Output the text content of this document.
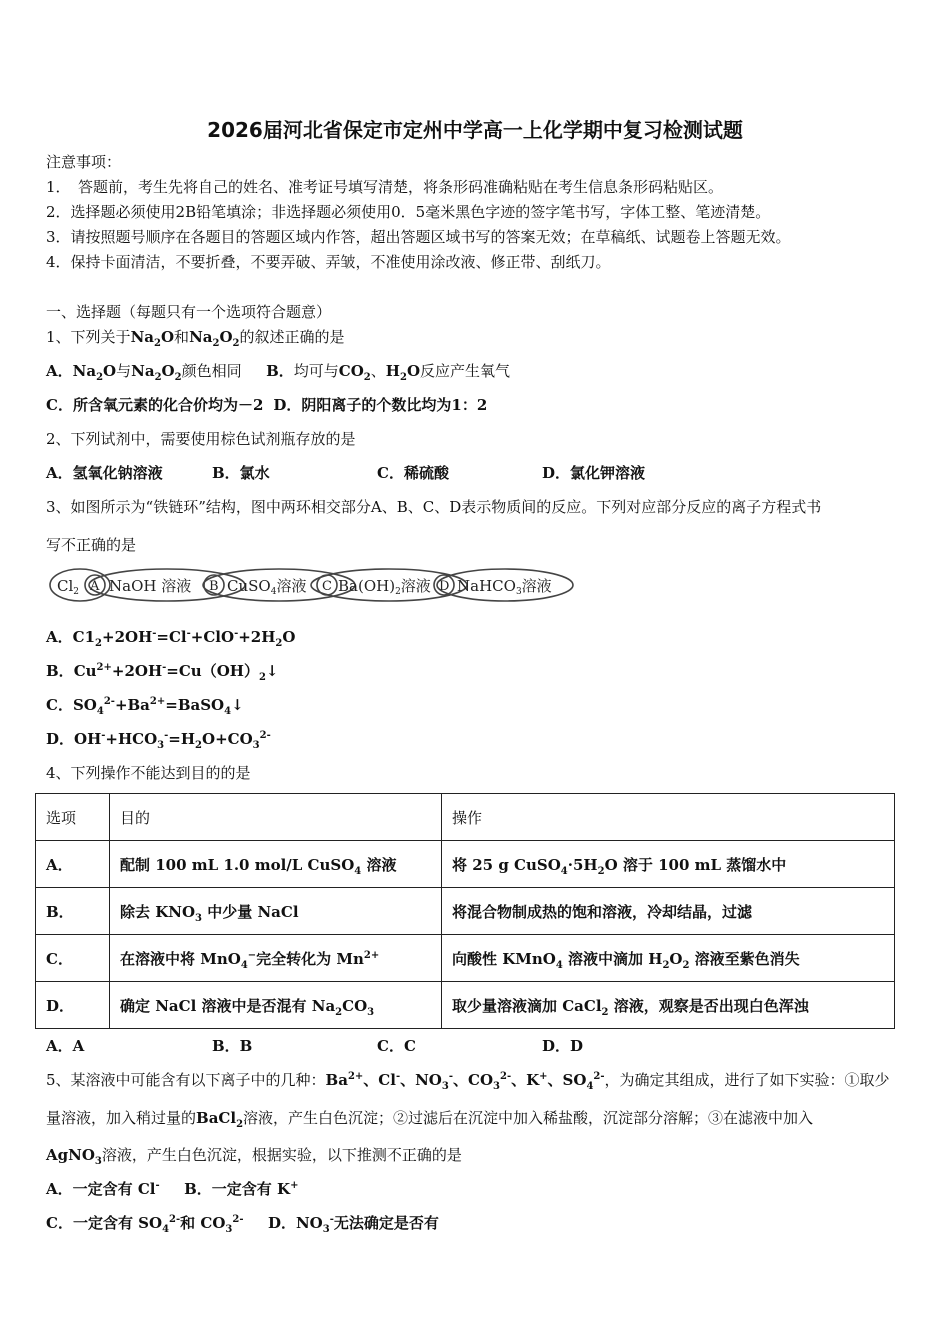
2026届河北省保定市定州中学高一上化学期中复习检测试题
注意事项：
1．　答题前，考生先将自己的姓名、准考证号填写清楚，将条形码准确粘贴在考生信息条形码粘贴区。
2．选择题必须使用2B铅笔填涂；非选择题必须使用0．5毫米黑色字迹的签字笔书写，字体工整、笔迹清楚。
3．请按照题号顺序在各题目的答题区域内作答，超出答题区域书写的答案无效；在草稿纸、试题卷上答题无效。
4．保持卡面清洁，不要折叠，不要弄破、弄皱，不准使用涂改液、修正带、刮纸刀。
一、选择题（每题只有一个选项符合题意）
1、下列关于$Na_2O$和$Na_2O_2$的叙述正确的是
A．$Na_2O$与$Na_2O_2$颜色相同 B．均可与$CO_2$、$H_2O$反应产生氧气
C．所含氧元素的化合价均为－2 D．阴阳离子的个数比均为1：2
2、下列试剂中，需要使用棕色试剂瓶存放的是
A．氢氧化钠溶液	B．氯水	C．稀硫酸	D．氯化钾溶液
3、如图所示为“铁链环”结构，图中两环相交部分A、B、C、D表示物质间的反应。下列对应部分反应的离子方程式书
写不正确的是
$Cl_2$ A NaOH 溶液 B CuSO$_4$溶液 C $Ba(OH)_2$溶液 D NaHCO$_3$溶液
A．$C1_2+2OH^-=Cl^-+ClO^-+2H_2O$
B．$Cu^{2+}+2OH^-=Cu(OH)_2↓$
C．$SO_4^{2-}+Ba^{2+}=BaSO_4↓$
D．$OH^-+HCO_3^-=H_2O+CO_3^{2-}$
4、下列操作不能达到目的的是
选项	目的	操作
A．	配制 100 mL 1.0 mol/L CuSO$_4$ 溶液	将 25 g $CuSO_4\cdot 5H_2O$ 溶于 100 mL 蒸馏水中
B．	除去 $KNO_3$ 中少量 NaCl	将混合物制成热的饱和溶液，冷却结晶，过滤
C．	在溶液中将 MnO$_4$−完全转化为 $Mn^{2+}$	向酸性 KMnO$_4$ 溶液中滴加 $H_2O_2$ 溶液至紫色消失
D．	确定 NaCl 溶液中是否混有 $Na_2CO_3$	取少量溶液滴加 CaCl$_2$ 溶液，观察是否出现白色浑浊
A．A	B．B	C．C	D．D
5、某溶液中可能含有以下离子中的几种：$Ba^{2+}$、Cl-、$NO_3^-$、$CO_3^{2-}$、K+、$SO_4^{2-}$，为确定其组成，进行了如下实验：①取少
量溶液，加入稍过量的BaCl$_2$溶液，产生白色沉淀；②过滤后在沉淀中加入稀盐酸，沉淀部分溶解；③在滤液中加入
AgNO$_3$溶液，产生白色沉淀，根据实验，以下推测不正确的是
A．一定含有 Cl- B．一定含有 K+
C．一定含有 $SO_4^{2-}$和 $CO_3^{2-}$ D．$NO_3^-$无法确定是否有
